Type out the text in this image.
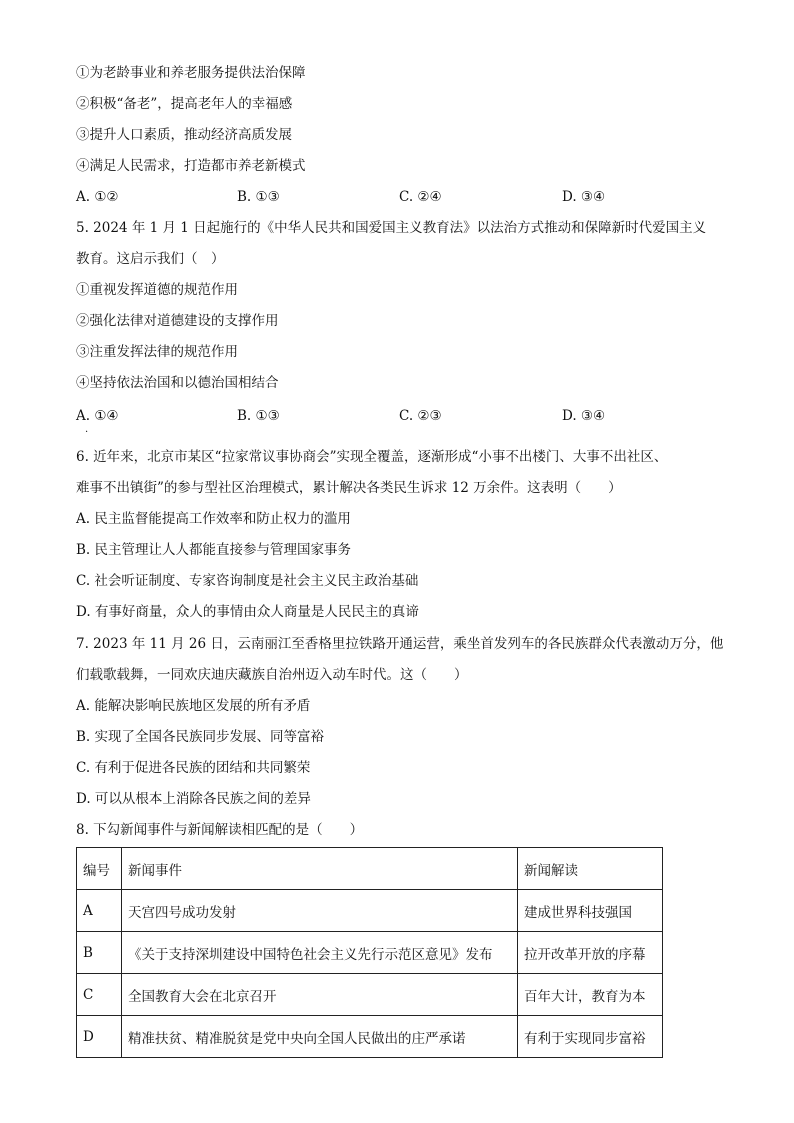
①为老龄事业和养老服务提供法治保障
②积极“备老”，提高老年人的幸福感
③提升人口素质，推动经济高质发展
④满足人民需求，打造都市养老新模式
A. ①②	B. ①③	C. ②④	D. ③④
5. 2024 年 1 月 1 日起施行的《中华人民共和国爱国主义教育法》以法治方式推动和保障新时代爱国主义
教育。这启示我们（　）
①重视发挥道德的规范作用
②强化法律对道德建设的支撑作用
③注重发挥法律的规范作用
④坚持依法治国和以德治国相结合
A. ①④	B. ①③	C. ②③	D. ③④
.
6. 近年来，北京市某区“拉家常议事协商会”实现全覆盖，逐渐形成“小事不出楼门、大事不出社区、
难事不出镇街”的参与型社区治理模式，累计解决各类民生诉求 12 万余件。这表明（　　）
A. 民主监督能提高工作效率和防止权力的滥用
B. 民主管理让人人都能直接参与管理国家事务
C. 社会听证制度、专家咨询制度是社会主义民主政治基础
D. 有事好商量，众人的事情由众人商量是人民民主的真谛
7. 2023 年 11 月 26 日，云南丽江至香格里拉铁路开通运营，乘坐首发列车的各民族群众代表激动万分，他
们载歌载舞，一同欢庆迪庆藏族自治州迈入动车时代。这（　　）
A. 能解决影响民族地区发展的所有矛盾
B. 实现了全国各民族同步发展、同等富裕
C. 有利于促进各民族的团结和共同繁荣
D. 可以从根本上消除各民族之间的差异
8. 下勾新闻事件与新闻解读相匹配的是（　　）
编号	新闻事件	新闻解读
A	天宫四号成功发射	建成世界科技强国
B	《关于支持深圳建设中国特色社会主义先行示范区意见》发布	拉开改革开放的序幕
C	全国教育大会在北京召开	百年大计，教育为本
D	精准扶贫、精准脱贫是党中央向全国人民做出的庄严承诺	有利于实现同步富裕
